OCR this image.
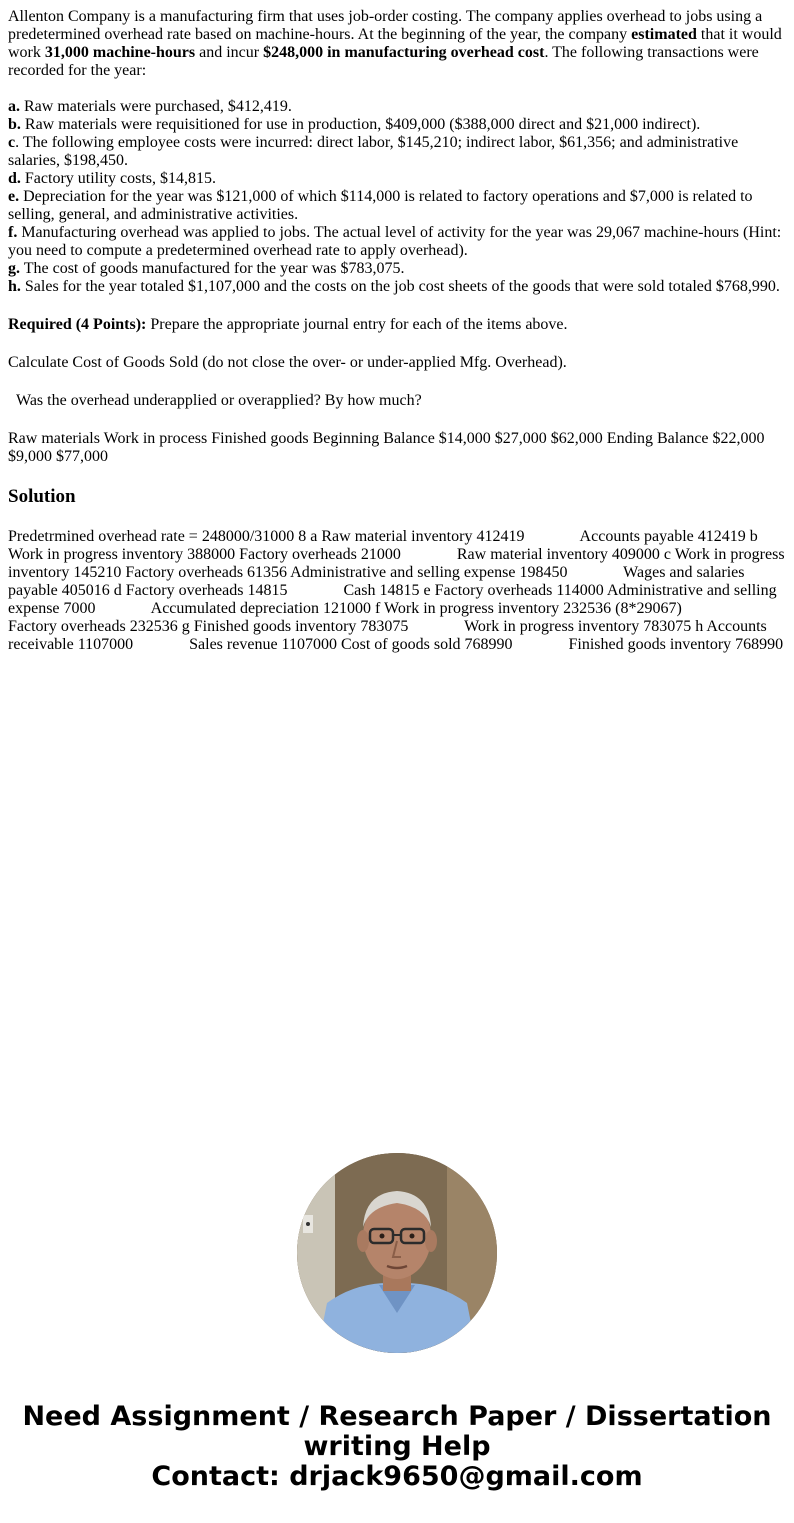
Allenton Company is a manufacturing firm that uses job-order costing. The company applies overhead to jobs using a predetermined overhead rate based on machine-hours. At the beginning of the year, the company estimated that it would work 31,000 machine-hours and incur $248,000 in manufacturing overhead cost. The following transactions were recorded for the year:

a. Raw materials were purchased, $412,419.
b. Raw materials were requisitioned for use in production, $409,000 ($388,000 direct and $21,000 indirect).
c. The following employee costs were incurred: direct labor, $145,210; indirect labor, $61,356; and administrative salaries, $198,450.
d. Factory utility costs, $14,815.
e. Depreciation for the year was $121,000 of which $114,000 is related to factory operations and $7,000 is related to selling, general, and administrative activities.
f. Manufacturing overhead was applied to jobs. The actual level of activity for the year was 29,067 machine-hours (Hint: you need to compute a predetermined overhead rate to apply overhead).
g. The cost of goods manufactured for the year was $783,075.
h. Sales for the year totaled $1,107,000 and the costs on the job cost sheets of the goods that were sold totaled $768,990.

Required (4 Points): Prepare the appropriate journal entry for each of the items above.

Calculate Cost of Goods Sold (do not close the over- or under-applied Mfg. Overhead).

Was the overhead underapplied or overapplied? By how much?

Raw materials Work in process Finished goods Beginning Balance $14,000 $27,000 $62,000 Ending Balance $22,000 $9,000 $77,000

Solution

Predetrmined overhead rate = 248000/31000 8 a Raw material inventory 412419              Accounts payable 412419 b Work in progress inventory 388000 Factory overheads 21000              Raw material inventory 409000 c Work in progress inventory 145210 Factory overheads 61356 Administrative and selling expense 198450              Wages and salaries payable 405016 d Factory overheads 14815              Cash 14815 e Factory overheads 114000 Administrative and selling expense 7000              Accumulated depreciation 121000 f Work in progress inventory 232536 (8*29067)              Factory overheads 232536 g Finished goods inventory 783075              Work in progress inventory 783075 h Accounts receivable 1107000              Sales revenue 1107000 Cost of goods sold 768990              Finished goods inventory 768990

Need Assignment / Research Paper / Dissertation
writing Help
Contact: drjack9650@gmail.com
